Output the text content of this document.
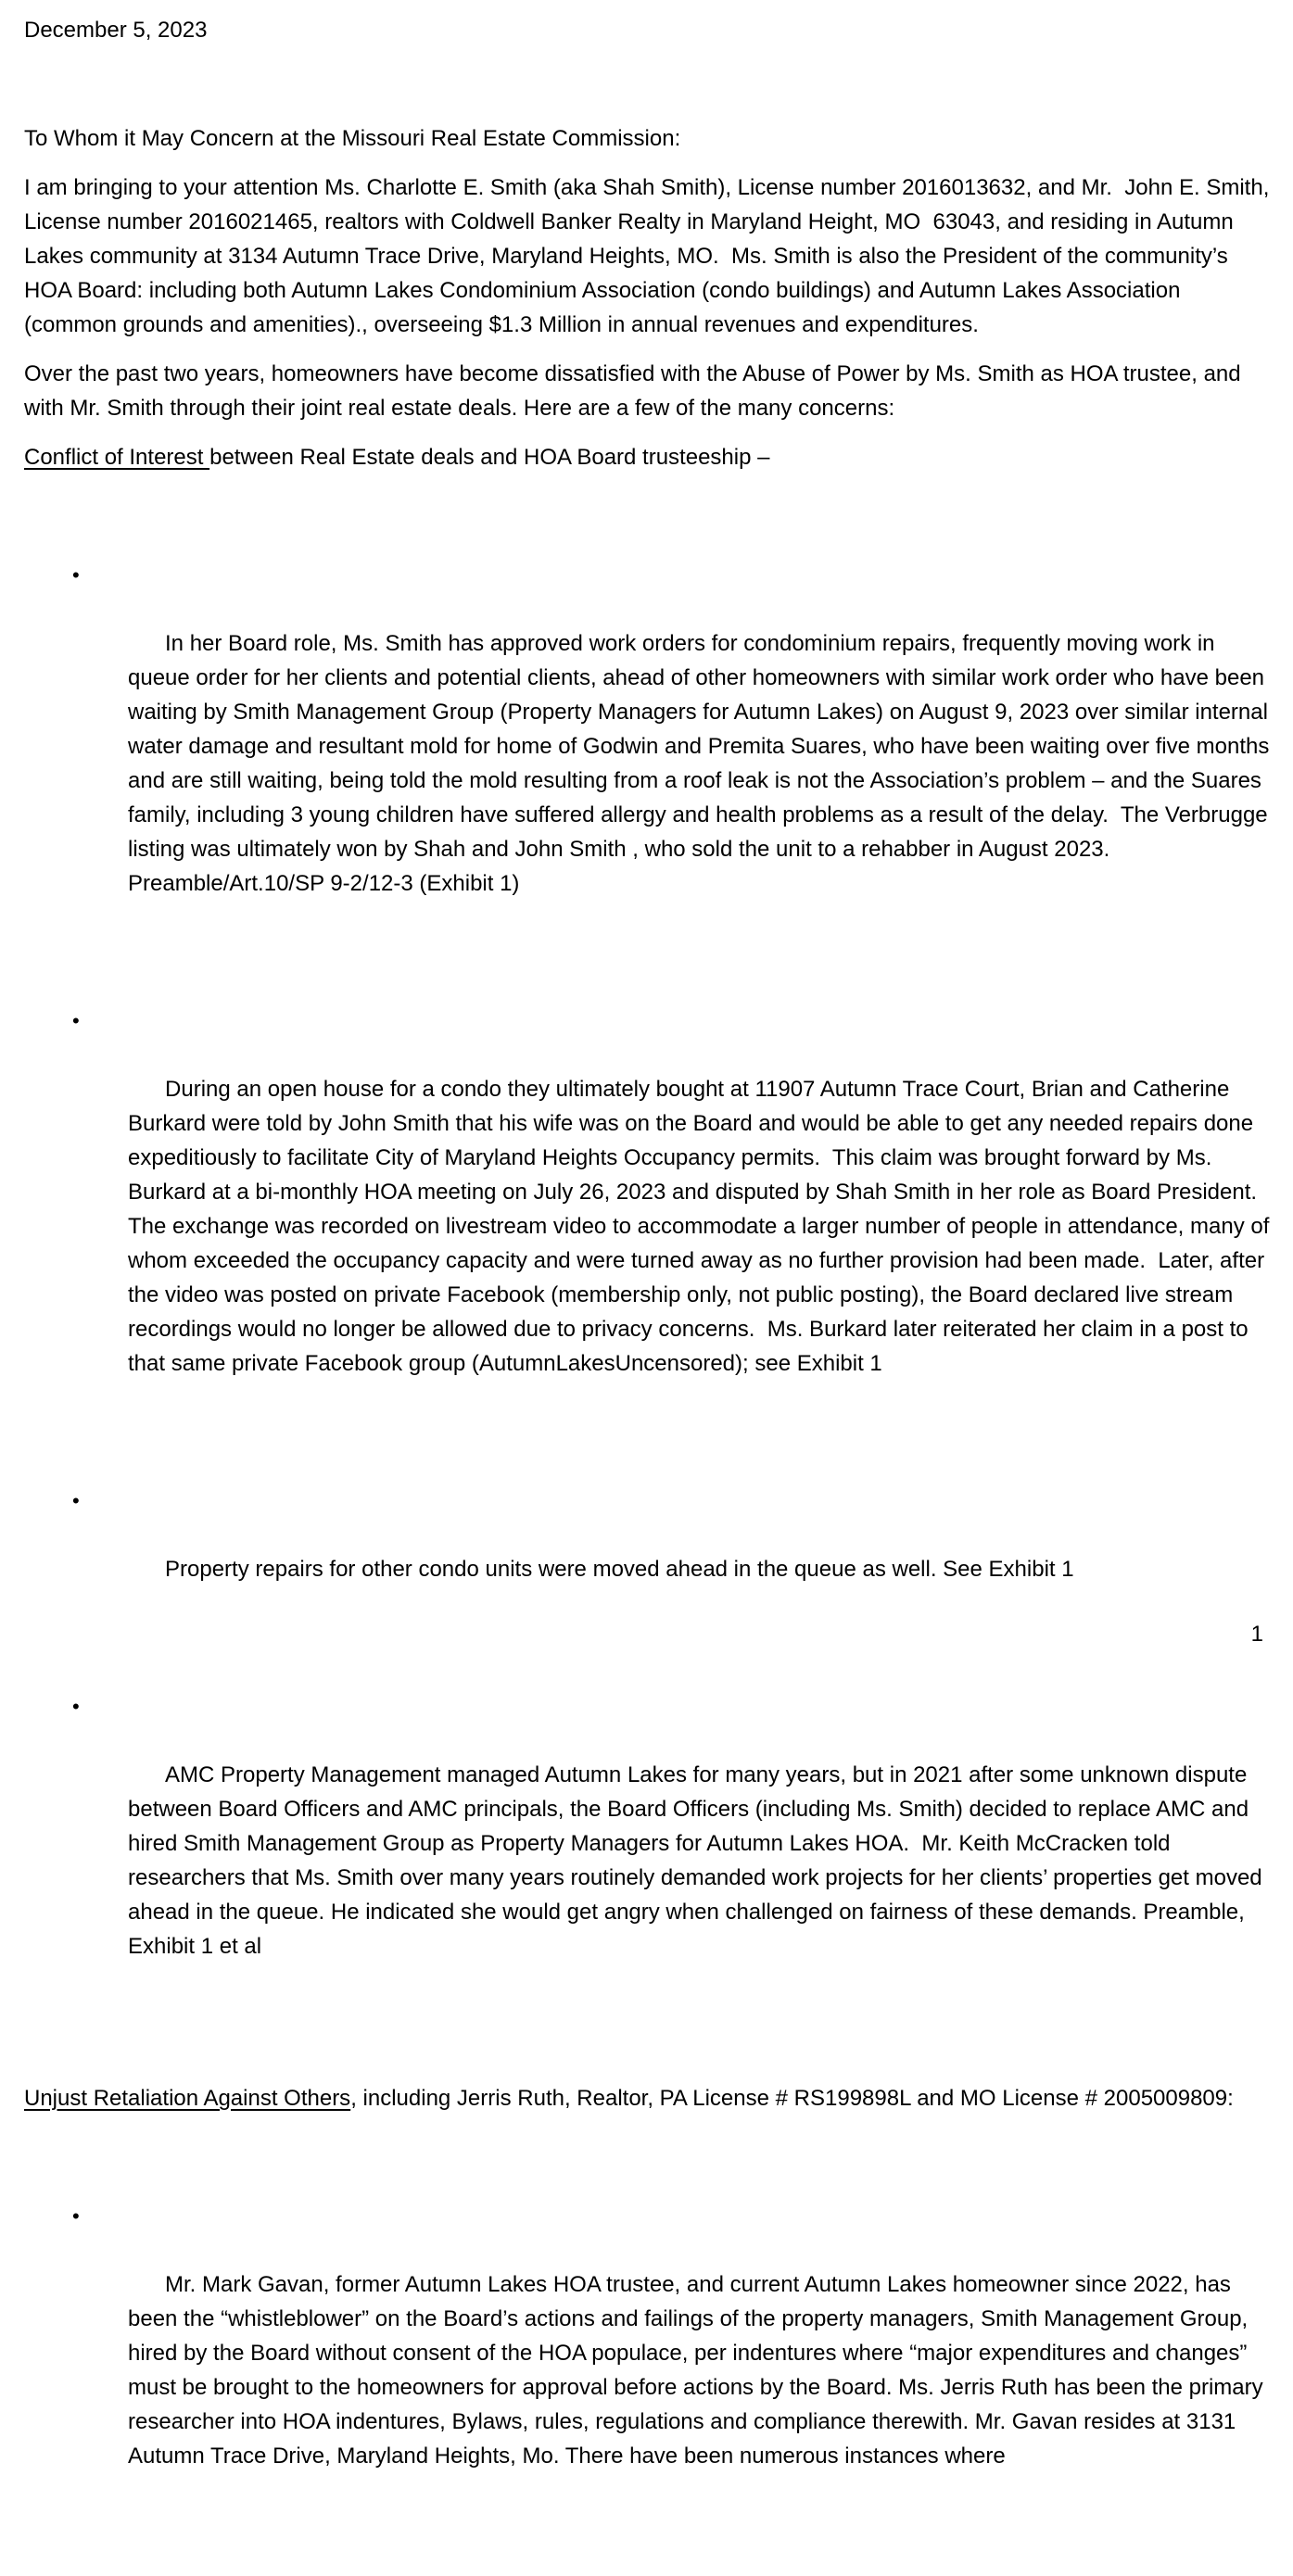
December 5, 2023

To Whom it May Concern at the Missouri Real Estate Commission:

I am bringing to your attention Ms. Charlotte E. Smith (aka Shah Smith), License number 2016013632, and Mr.  John E. Smith, License number 2016021465, realtors with Coldwell Banker Realty in Maryland Height, MO  63043, and residing in Autumn Lakes community at 3134 Autumn Trace Drive, Maryland Heights, MO.  Ms. Smith is also the President of the community’s HOA Board: including both Autumn Lakes Condominium Association (condo buildings) and Autumn Lakes Association (common grounds and amenities)., overseeing $1.3 Million in annual revenues and expenditures.

Over the past two years, homeowners have become dissatisfied with the Abuse of Power by Ms. Smith as HOA trustee, and with Mr. Smith through their joint real estate deals. Here are a few of the many concerns:

Conflict of Interest between Real Estate deals and HOA Board trusteeship –

•

In her Board role, Ms. Smith has approved work orders for condominium repairs, frequently moving work in queue order for her clients and potential clients, ahead of other homeowners with similar work order who have been waiting by Smith Management Group (Property Managers for Autumn Lakes) on August 9, 2023 over similar internal water damage and resultant mold for home of Godwin and Premita Suares, who have been waiting over five months and are still waiting, being told the mold resulting from a roof leak is not the Association’s problem – and the Suares family, including 3 young children have suffered allergy and health problems as a result of the delay.  The Verbrugge listing was ultimately won by Shah and John Smith , who sold the unit to a rehabber in August 2023. Preamble/Art.10/SP 9-2/12-3 (Exhibit 1)

•

During an open house for a condo they ultimately bought at 11907 Autumn Trace Court, Brian and Catherine Burkard were told by John Smith that his wife was on the Board and would be able to get any needed repairs done expeditiously to facilitate City of Maryland Heights Occupancy permits.  This claim was brought forward by Ms. Burkard at a bi-monthly HOA meeting on July 26, 2023 and disputed by Shah Smith in her role as Board President.  The exchange was recorded on livestream video to accommodate a larger number of people in attendance, many of whom exceeded the occupancy capacity and were turned away as no further provision had been made.  Later, after the video was posted on private Facebook (membership only, not public posting), the Board declared live stream recordings would no longer be allowed due to privacy concerns.  Ms. Burkard later reiterated her claim in a post to that same private Facebook group (AutumnLakesUncensored); see Exhibit 1

•

Property repairs for other condo units were moved ahead in the queue as well. See Exhibit 1

•

AMC Property Management managed Autumn Lakes for many years, but in 2021 after some unknown dispute between Board Officers and AMC principals, the Board Officers (including Ms. Smith) decided to replace AMC and hired Smith Management Group as Property Managers for Autumn Lakes HOA.  Mr. Keith McCracken told researchers that Ms. Smith over many years routinely demanded work projects for her clients’ properties get moved ahead in the queue. He indicated she would get angry when challenged on fairness of these demands. Preamble, Exhibit 1 et al

Unjust Retaliation Against Others, including Jerris Ruth, Realtor, PA License # RS199898L and MO License # 2005009809:

•

Mr. Mark Gavan, former Autumn Lakes HOA trustee, and current Autumn Lakes homeowner since 2022, has been the “whistleblower” on the Board’s actions and failings of the property managers, Smith Management Group, hired by the Board without consent of the HOA populace, per indentures where “major expenditures and changes” must be brought to the homeowners for approval before actions by the Board. Ms. Jerris Ruth has been the primary researcher into HOA indentures, Bylaws, rules, regulations and compliance therewith. Mr. Gavan resides at 3131 Autumn Trace Drive, Maryland Heights, Mo. There have been numerous instances where

1
